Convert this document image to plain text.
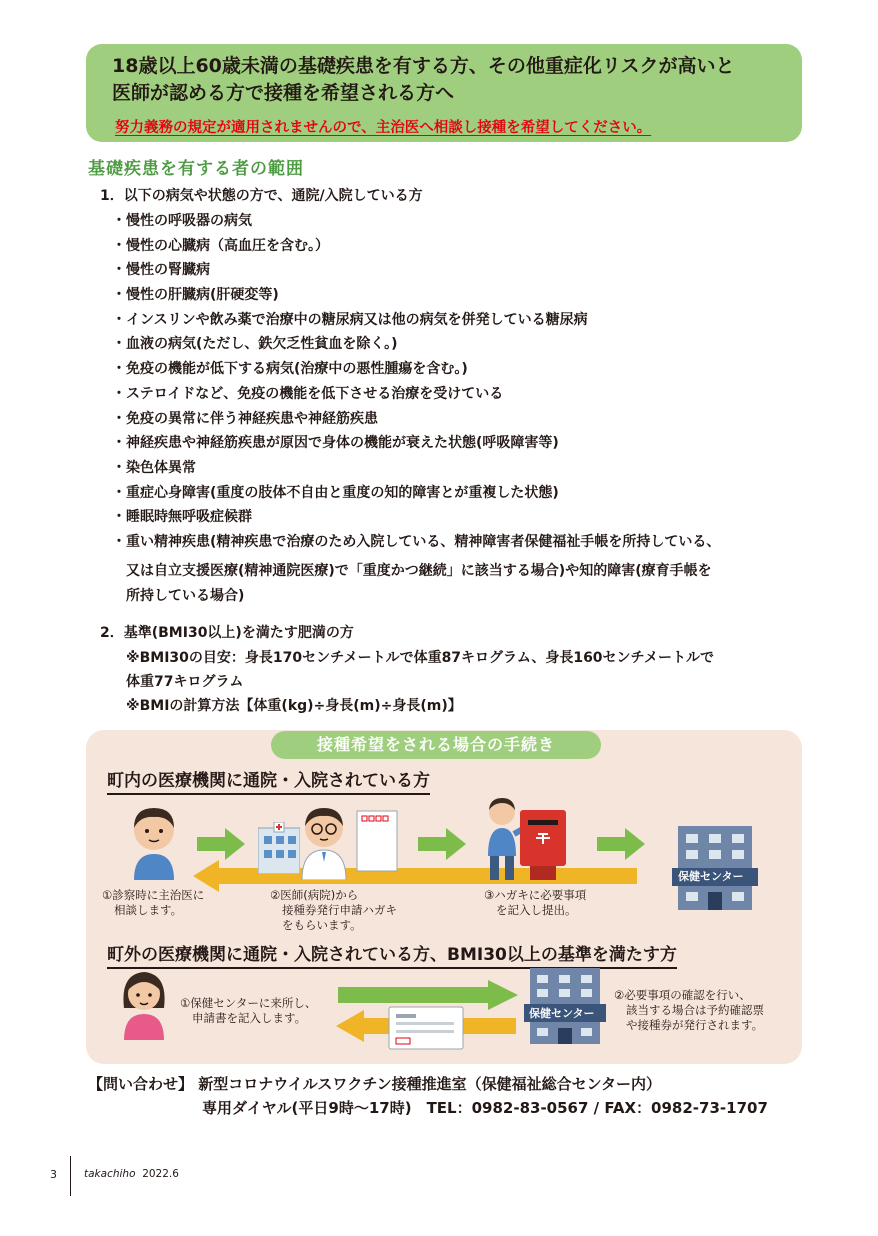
18歳以上60歳未満の基礎疾患を有する方、その他重症化リスクが高いと
医師が認める方で接種を希望される方へ
努力義務の規定が適用されませんので、主治医へ相談し接種を希望してください。
基礎疾患を有する者の範囲
1．以下の病気や状態の方で、通院/入院している方
・慢性の呼吸器の病気
・慢性の心臓病（高血圧を含む。）
・慢性の腎臓病
・慢性の肝臓病(肝硬変等)
・インスリンや飲み薬で治療中の糖尿病又は他の病気を併発している糖尿病
・血液の病気(ただし、鉄欠乏性貧血を除く。)
・免疫の機能が低下する病気(治療中の悪性腫瘍を含む。)
・ステロイドなど、免疫の機能を低下させる治療を受けている
・免疫の異常に伴う神経疾患や神経筋疾患
・神経疾患や神経筋疾患が原因で身体の機能が衰えた状態(呼吸障害等)
・染色体異常
・重症心身障害(重度の肢体不自由と重度の知的障害とが重複した状態)
・睡眠時無呼吸症候群
・重い精神疾患(精神疾患で治療のため入院している、精神障害者保健福祉手帳を所持している、
又は自立支援医療(精神通院医療)で「重度かつ継続」に該当する場合)や知的障害(療育手帳を
所持している場合)
2．基準(BMI30以上)を満たす肥満の方
※BMI30の目安：身長170センチメートルで体重87キログラム、身長160センチメートルで
体重77キログラム
※BMIの計算方法【体重(kg)÷身長(m)÷身長(m)】
接種希望をされる場合の手続き
町内の医療機関に通院・入院されている方
保健センター
①診察時に主治医に
相談します。
②医師(病院)から
接種券発行申請ハガキ
をもらいます。
③ハガキに必要事項
を記入し提出。
町外の医療機関に通院・入院されている方、BMI30以上の基準を満たす方
①保健センターに来所し、
申請書を記入します。	保健センター
②必要事項の確認を行い、
該当する場合は予約確認票
や接種券が発行されます。
【問い合わせ】 新型コロナウイルスワクチン接種推進室（保健福祉総合センター内）
専用ダイヤル(平日9時～17時)　TEL：0982-83-0567 / FAX：0982-73-1707
3	takachiho 2022.6
